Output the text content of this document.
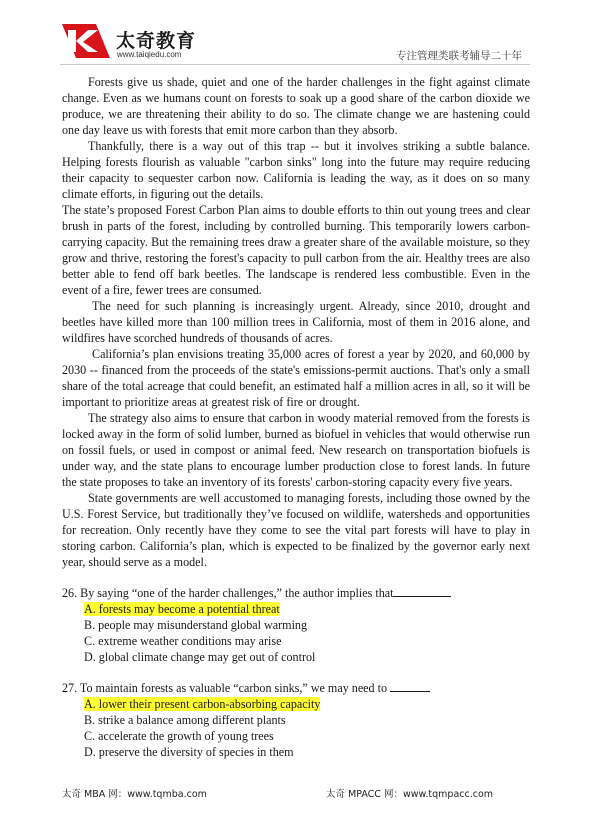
太奇教育
www.taiqiedu.com	专注管理类联考辅导二十年

Forests give us shade, quiet and one of the harder challenges in the fight against climate change. Even as we humans count on forests to soak up a good share of the carbon dioxide we produce, we are threatening their ability to do so. The climate change we are hastening could one day leave us with forests that emit more carbon than they absorb.

Thankfully, there is a way out of this trap -- but it involves striking a subtle balance. Helping forests flourish as valuable "carbon sinks" long into the future may require reducing their capacity to sequester carbon now. California is leading the way, as it does on so many climate efforts, in figuring out the details.

The state’s proposed Forest Carbon Plan aims to double efforts to thin out young trees and clear brush in parts of the forest, including by controlled burning. This temporarily lowers carbon-carrying capacity. But the remaining trees draw a greater share of the available moisture, so they grow and thrive, restoring the forest's capacity to pull carbon from the air. Healthy trees are also better able to fend off bark beetles. The landscape is rendered less combustible. Even in the event of a fire, fewer trees are consumed.

The need for such planning is increasingly urgent. Already, since 2010, drought and beetles have killed more than 100 million trees in California, most of them in 2016 alone, and wildfires have scorched hundreds of thousands of acres.

California’s plan envisions treating 35,000 acres of forest a year by 2020, and 60,000 by 2030 -- financed from the proceeds of the state's emissions-permit auctions. That's only a small share of the total acreage that could benefit, an estimated half a million acres in all, so it will be important to prioritize areas at greatest risk of fire or drought.

The strategy also aims to ensure that carbon in woody material removed from the forests is locked away in the form of solid lumber, burned as biofuel in vehicles that would otherwise run on fossil fuels, or used in compost or animal feed. New research on transportation biofuels is under way, and the state plans to encourage lumber production close to forest lands. In future the state proposes to take an inventory of its forests' carbon-storing capacity every five years.

State governments are well accustomed to managing forests, including those owned by the U.S. Forest Service, but traditionally they’ve focused on wildlife, watersheds and opportunities for recreation. Only recently have they come to see the vital part forests will have to play in storing carbon. California’s plan, which is expected to be finalized by the governor early next year, should serve as a model.

26. By saying “one of the harder challenges,” the author implies that
A. forests may become a potential threat
B. people may misunderstand global warming
C. extreme weather conditions may arise
D. global climate change may get out of control
27. To maintain forests as valuable “carbon sinks,” we may need to
A. lower their present carbon-absorbing capacity
B. strike a balance among different plants
C. accelerate the growth of young trees
D. preserve the diversity of species in them
太奇 MBA 网：www.tqmba.com	太奇 MPACC 网：www.tqmpacc.com
